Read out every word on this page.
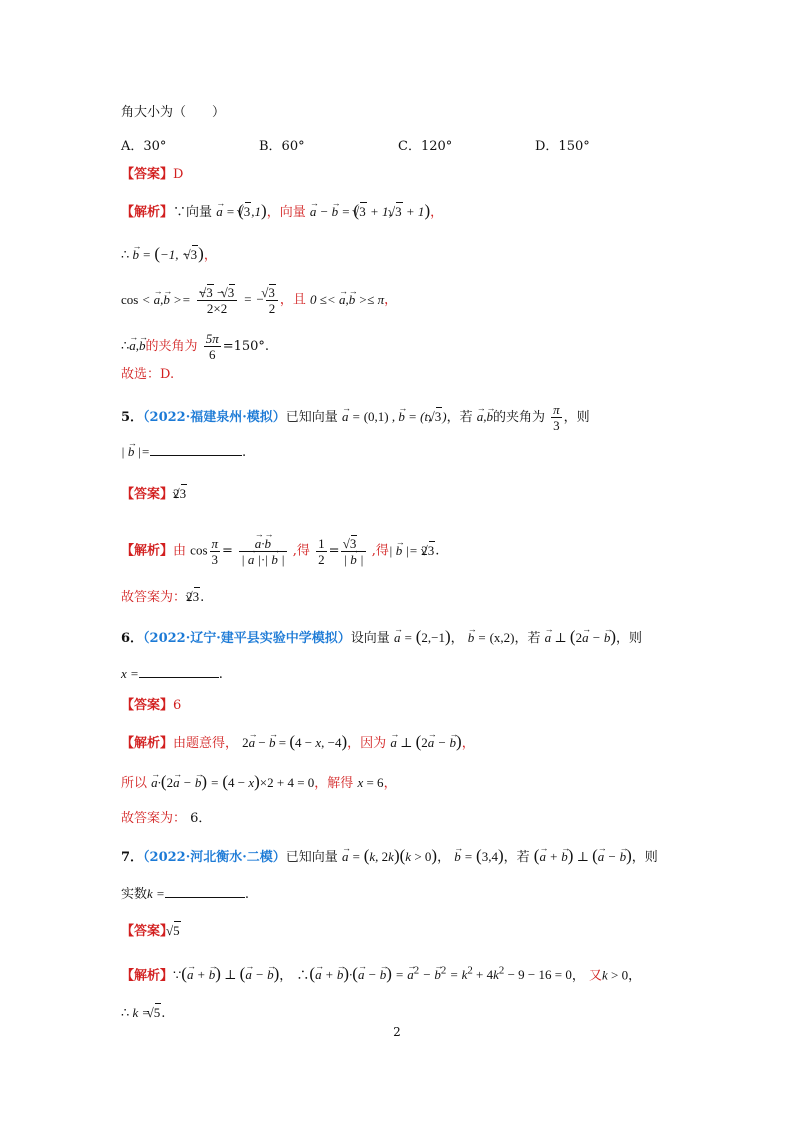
角大小为（　　）
A．30°	B．60°	C．120°	D．150°
【答案】D
【解析】∵向量 → a = (√ 3,1)，向量 → a − → b = (√ 3 + 1, √ 3 + 1)，
∴ → b = (−1, −√ 3)，
cos < → $a,\to b >= \frac{-√ 3 - √ 3}{2\times 2}$ = − √ $\frac{3}{2}$ ，且 0 ≤< → a,→ b >≤ π，
∴→ a,→ b的夹角为 $\frac{5\pi}{6} =150^\circ$.
故选：D.
5．（2022·福建泉州·模拟）已知向量 → a = (0,1) , → b = (t, √ 3)，若 → a,→ b的夹角为 $\frac{\pi}{3}$ ，则
| → b |=	.
【答案】2√ 3
【解析】由 $\cos \frac{\pi}{3}$ = → $\frac{a\cdot\to b}{| \to a |\cdot| \to b |}$ ,得 $\frac{1}{2}$ = √ $\frac{3}{| \to b |}$ ,得| → b |= 2√ 3.
故答案为：2√ 3.
6．（2022·辽宁·建平县实验中学模拟）设向量 → a = (2,−1)， → b = (x,2)，若 → a ⊥ (2→ a − → b)，则
x =	.
【答案】6
【解析】由题意得， 2→ a − → b = (4 − x, −4)，因为 → a ⊥ (2→ a − → b)，
所以 → a·(2→ a − → b) = (4 − x)×2 + 4 = 0，解得 x = 6，
故答案为： 6．
7．（2022·河北衡水·二模）已知向量 → a = (k, 2k)(k > 0)， → b = (3,4)，若 (→ a + → b) ⊥ (→ a − → b)，则
实数k =	.
【答案】√ 5
【解析】∵(→ a + → b) ⊥ (→ a − → b)， ∴(→ a + → b)·(→ a − → b) = → $a^2$ − → $b^2 = k^2 + 4k^2 - 9 - 16 = 0$， 又k > 0，
∴ k = √ 5.
2
